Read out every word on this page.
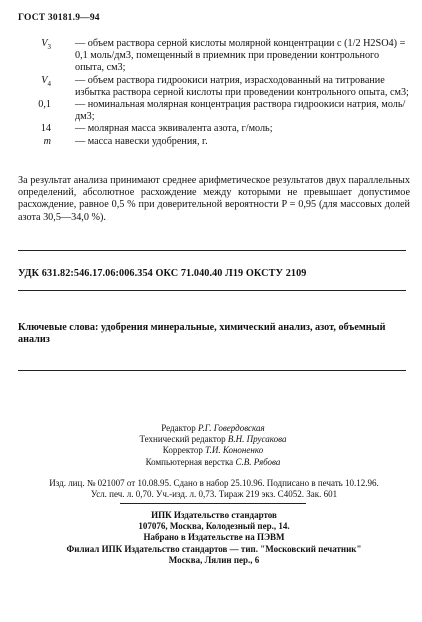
ГОСТ 30181.9—94
$V_3$	— объем раствора серной кислоты молярной концентрации c (1/2 H2SO4) = 0,1 моль/дм3, помещенный в приемник при проведении контрольного опыта, см3;
$V_4$	— объем раствора гидроокиси натрия, израсходованный на титрование избытка раствора серной кислоты при проведении контрольного опыта, см3;
0,1	— номинальная молярная концентрация раствора гидроокиси натрия, моль/дм3;
14	— молярная масса эквивалента азота, г/моль;
m	— масса навески удобрения, г.
За результат анализа принимают среднее арифметическое результатов двух параллельных определений, абсолютное расхождение между которыми не превышает допустимое расхождение, равное 0,5 % при доверительной вероятности P = 0,95 (для массовых долей азота 30,5—34,0 %).
УДК 631.82:546.17.06:006.354 ОКС 71.040.40 Л19 ОКСТУ 2109
Ключевые слова: удобрения минеральные, химический анализ, азот, объемный анализ
Редактор Р.Г. Говердовская
Технический редактор В.Н. Прусакова
Корректор Т.И. Кононенко
Компьютерная верстка С.В. Рябова
Изд. лиц. № 021007 от 10.08.95. Сдано в набор 25.10.96. Подписано в печать 10.12.96.
Усл. печ. л. 0,70. Уч.-изд. л. 0,73. Тираж 219 экз. С4052. Зак. 601
ИПК Издательство стандартов
107076, Москва, Колодезный пер., 14.
Набрано в Издательстве на ПЭВМ
Филиал ИПК Издательство стандартов — тип. "Московский печатник"
Москва, Лялин пер., 6
